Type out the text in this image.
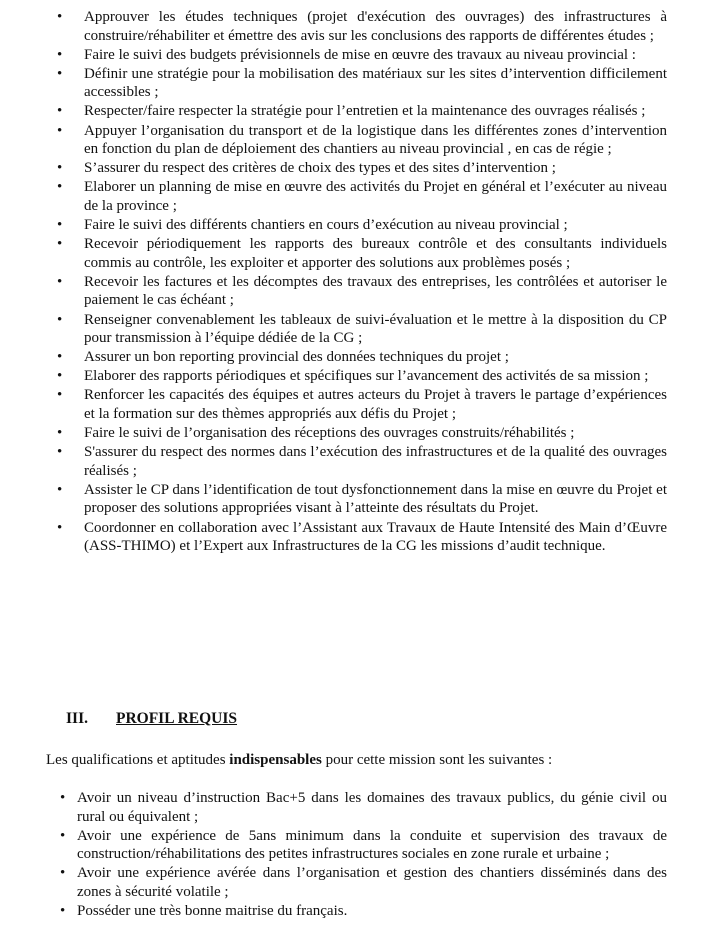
• Approuver les études techniques (projet d'exécution des ouvrages) des infrastructures à construire/réhabiliter et émettre des avis sur les conclusions des rapports de différentes études ;
• Faire le suivi des budgets prévisionnels de mise en œuvre des travaux au niveau provincial :
• Définir une stratégie pour la mobilisation des matériaux sur les sites d’intervention difficilement accessibles ;
• Respecter/faire respecter la stratégie pour l’entretien et la maintenance des ouvrages réalisés ;
• Appuyer l’organisation du transport et de la logistique dans les différentes zones d’intervention en fonction du plan de déploiement des chantiers au niveau provincial , en cas de régie ;
• S’assurer du respect des critères de choix des types et des sites d’intervention ;
• Elaborer un planning de mise en œuvre des activités du Projet en général et l’exécuter au niveau de la province ;
• Faire le suivi des différents chantiers en cours d’exécution au niveau provincial ;
• Recevoir périodiquement les rapports des bureaux contrôle et des consultants individuels commis au contrôle, les exploiter et apporter des solutions aux problèmes posés ;
• Recevoir les factures et les décomptes des travaux des entreprises, les contrôlées et autoriser le paiement le cas échéant ;
• Renseigner convenablement les tableaux de suivi-évaluation et le mettre à la disposition du CP pour transmission à l’équipe dédiée de la CG ;
• Assurer un bon reporting provincial des données techniques du projet ;
• Elaborer des rapports périodiques et spécifiques sur l’avancement des activités de sa mission ;
• Renforcer les capacités des équipes et autres acteurs du Projet à travers le partage d’expériences et la formation sur des thèmes appropriés aux défis du Projet ;
• Faire le suivi de l’organisation des réceptions des ouvrages construits/réhabilités ;
• S'assurer du respect des normes dans l’exécution des infrastructures et de la qualité des ouvrages réalisés ;
• Assister le CP dans l’identification de tout dysfonctionnement dans la mise en œuvre du Projet et proposer des solutions appropriées visant à l’atteinte des résultats du Projet.
• Coordonner en collaboration avec l’Assistant aux Travaux de Haute Intensité des Main d’Œuvre (ASS-THIMO) et l’Expert aux Infrastructures de la CG les missions d’audit technique.
III. PROFIL REQUIS
Les qualifications et aptitudes indispensables pour cette mission sont les suivantes :
• Avoir un niveau d’instruction Bac+5 dans les domaines des travaux publics, du génie civil ou rural ou équivalent ;
• Avoir une expérience de 5ans minimum dans la conduite et supervision des travaux de construction/réhabilitations des petites infrastructures sociales en zone rurale et urbaine ;
• Avoir une expérience avérée dans l’organisation et gestion des chantiers disséminés dans des zones à sécurité volatile ;
• Posséder une très bonne maitrise du français.
